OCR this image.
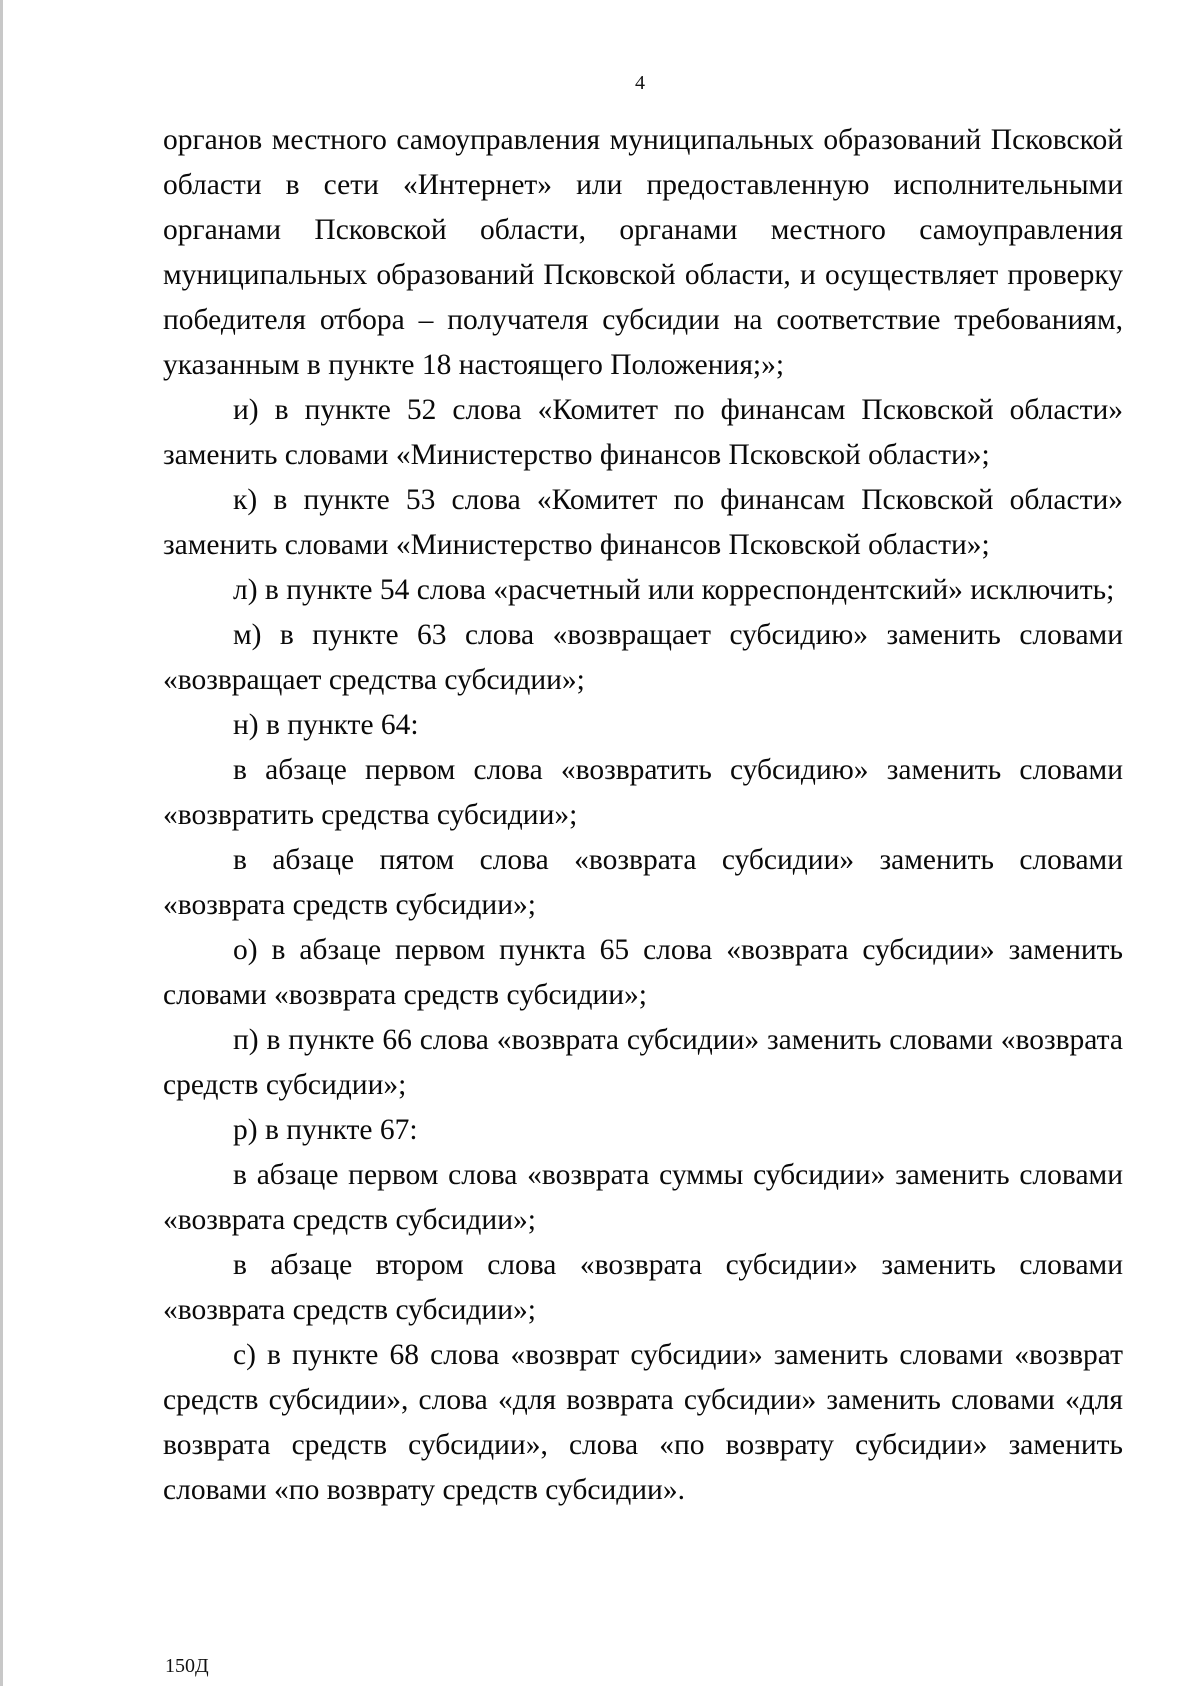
4

органов местного самоуправления муниципальных образований Псковской области в сети «Интернет» или предоставленную исполнительными органами Псковской области, органами местного самоуправления муниципальных образований Псковской области, и осуществляет проверку победителя отбора – получателя субсидии на соответствие требованиям, указанным в пункте 18 настоящего Положения;»;

и) в пункте 52 слова «Комитет по финансам Псковской области» заменить словами «Министерство финансов Псковской области»;

к) в пункте 53 слова «Комитет по финансам Псковской области» заменить словами «Министерство финансов Псковской области»;

л) в пункте 54 слова «расчетный или корреспондентский» исключить;

м) в пункте 63 слова «возвращает субсидию» заменить словами «возвращает средства субсидии»;

н) в пункте 64:

в абзаце первом слова «возвратить субсидию» заменить словами «возвратить средства субсидии»;

в абзаце пятом слова «возврата субсидии» заменить словами «возврата средств субсидии»;

о) в абзаце первом пункта 65 слова «возврата субсидии» заменить словами «возврата средств субсидии»;

п) в пункте 66 слова «возврата субсидии» заменить словами «возврата средств субсидии»;

р) в пункте 67:

в абзаце первом слова «возврата суммы субсидии» заменить словами «возврата средств субсидии»;

в абзаце втором слова «возврата субсидии» заменить словами «возврата средств субсидии»;

с) в пункте 68 слова «возврат субсидии» заменить словами «возврат средств субсидии», слова «для возврата субсидии» заменить словами «для возврата средств субсидии», слова «по возврату субсидии» заменить словами «по возврату средств субсидии».

150Д
